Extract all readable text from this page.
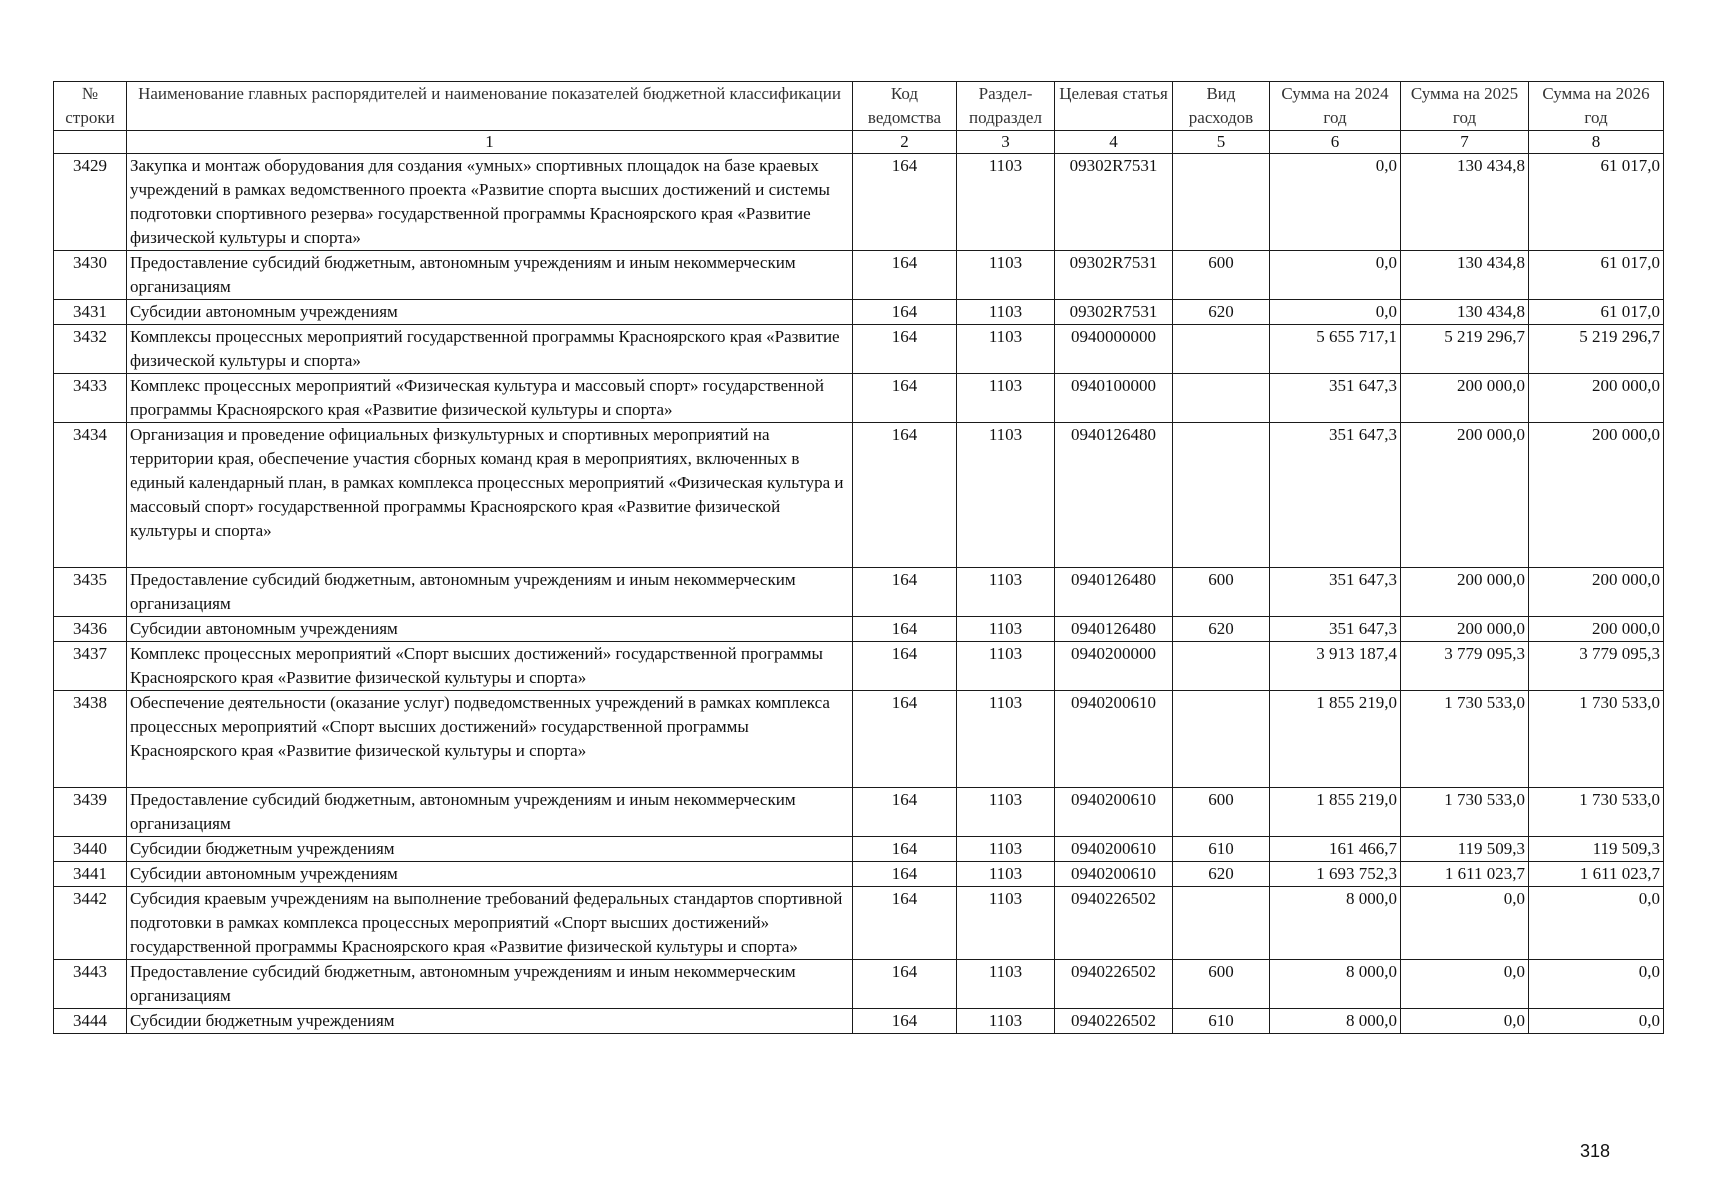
№ строки	Наименование главных распорядителей и наименование показателей бюджетной классификации	Код ведомства	Раздел-подраздел	Целевая статья	Вид расходов	Сумма на 2024 год	Сумма на 2025 год	Сумма на 2026 год
	1	2	3	4	5	6	7	8
3429	Закупка и монтаж оборудования для создания «умных» спортивных площадок на базе краевых учреждений в рамках ведомственного проекта «Развитие спорта высших достижений и системы подготовки спортивного резерва» государственной программы Красноярского края «Развитие физической культуры и спорта»	164	1103	09302R7531		0,0	130 434,8	61 017,0
3430	Предоставление субсидий бюджетным, автономным учреждениям и иным некоммерческим организациям	164	1103	09302R7531	600	0,0	130 434,8	61 017,0
3431	Субсидии автономным учреждениям	164	1103	09302R7531	620	0,0	130 434,8	61 017,0
3432	Комплексы процессных мероприятий государственной программы Красноярского края «Развитие физической культуры и спорта»	164	1103	0940000000		5 655 717,1	5 219 296,7	5 219 296,7
3433	Комплекс процессных мероприятий «Физическая культура и массовый спорт» государственной программы Красноярского края «Развитие физической культуры и спорта»	164	1103	0940100000		351 647,3	200 000,0	200 000,0
3434	Организация и проведение официальных физкультурных и спортивных мероприятий на территории края, обеспечение участия сборных команд края в мероприятиях, включенных в единый календарный план, в рамках комплекса процессных мероприятий «Физическая культура и массовый спорт» государственной программы Красноярского края «Развитие физической культуры и спорта»	164	1103	0940126480		351 647,3	200 000,0	200 000,0
3435	Предоставление субсидий бюджетным, автономным учреждениям и иным некоммерческим организациям	164	1103	0940126480	600	351 647,3	200 000,0	200 000,0
3436	Субсидии автономным учреждениям	164	1103	0940126480	620	351 647,3	200 000,0	200 000,0
3437	Комплекс процессных мероприятий «Спорт высших достижений» государственной программы Красноярского края «Развитие физической культуры и спорта»	164	1103	0940200000		3 913 187,4	3 779 095,3	3 779 095,3
3438	Обеспечение деятельности (оказание услуг) подведомственных учреждений в рамках комплекса процессных мероприятий «Спорт высших достижений» государственной программы Красноярского края «Развитие физической культуры и спорта»	164	1103	0940200610		1 855 219,0	1 730 533,0	1 730 533,0
3439	Предоставление субсидий бюджетным, автономным учреждениям и иным некоммерческим организациям	164	1103	0940200610	600	1 855 219,0	1 730 533,0	1 730 533,0
3440	Субсидии бюджетным учреждениям	164	1103	0940200610	610	161 466,7	119 509,3	119 509,3
3441	Субсидии автономным учреждениям	164	1103	0940200610	620	1 693 752,3	1 611 023,7	1 611 023,7
3442	Субсидия краевым учреждениям на выполнение требований федеральных стандартов спортивной подготовки в рамках комплекса процессных мероприятий «Спорт высших достижений» государственной программы Красноярского края «Развитие физической культуры и спорта»	164	1103	0940226502		8 000,0	0,0	0,0
3443	Предоставление субсидий бюджетным, автономным учреждениям и иным некоммерческим организациям	164	1103	0940226502	600	8 000,0	0,0	0,0
3444	Субсидии бюджетным учреждениям	164	1103	0940226502	610	8 000,0	0,0	0,0
318
